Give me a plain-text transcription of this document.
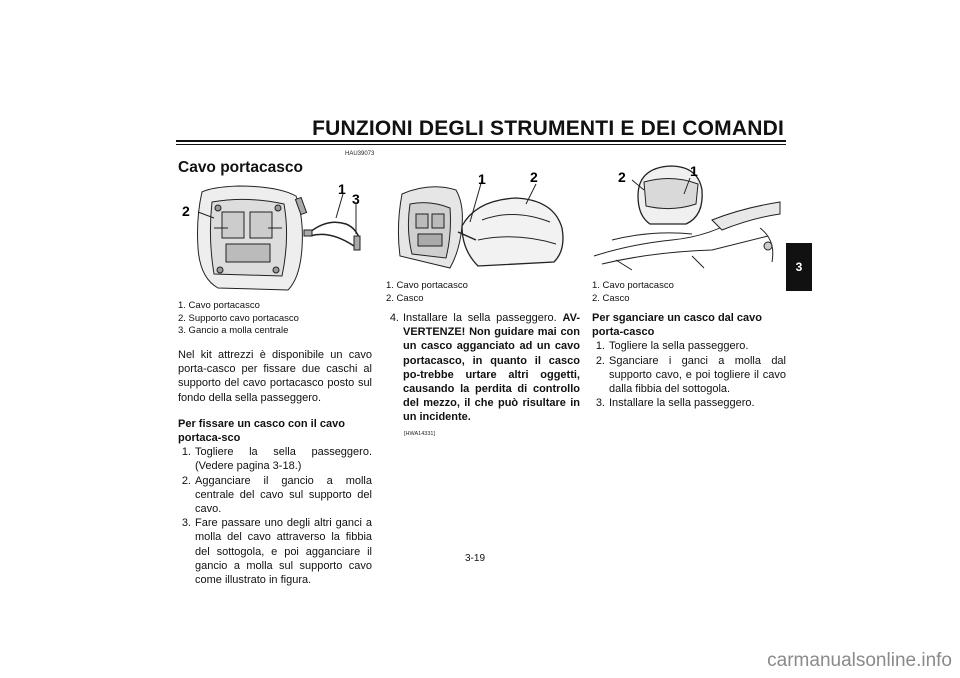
FUNZIONI DEGLI STRUMENTI E DEI COMANDI
3
HAU39073
Cavo portacasco
2
1
3
1. Cavo portacasco
2. Supporto cavo portacasco
3. Gancio a molla centrale
Nel kit attrezzi è disponibile un cavo porta-casco per fissare due caschi al supporto del cavo portacasco posto sul fondo della sella passeggero.
Per fissare un casco con il cavo portaca-sco
1. Togliere la sella passeggero. (Vedere pagina 3-18.)
2. Agganciare il gancio a molla centrale del cavo sul supporto del cavo.
3. Fare passare uno degli altri ganci a molla del cavo attraverso la fibbia del sottogola, e poi agganciare il gancio a molla sul supporto cavo come illustrato in figura.
1	2
1. Cavo portacasco
2. Casco
4. Installare la sella passeggero. AV-VERTENZE! Non guidare mai con un casco agganciato ad un cavo portacasco, in quanto il casco po-trebbe urtare altri oggetti, causando la perdita di controllo del mezzo, il che può risultare in un incidente.
[HWA14331]
2	1
1. Cavo portacasco
2. Casco
Per sganciare un casco dal cavo porta-casco
1. Togliere la sella passeggero.
2. Sganciare i ganci a molla dal supporto cavo, e poi togliere il cavo dalla fibbia del sottogola.
3. Installare la sella passeggero.
3-19
carmanualsonline.info
